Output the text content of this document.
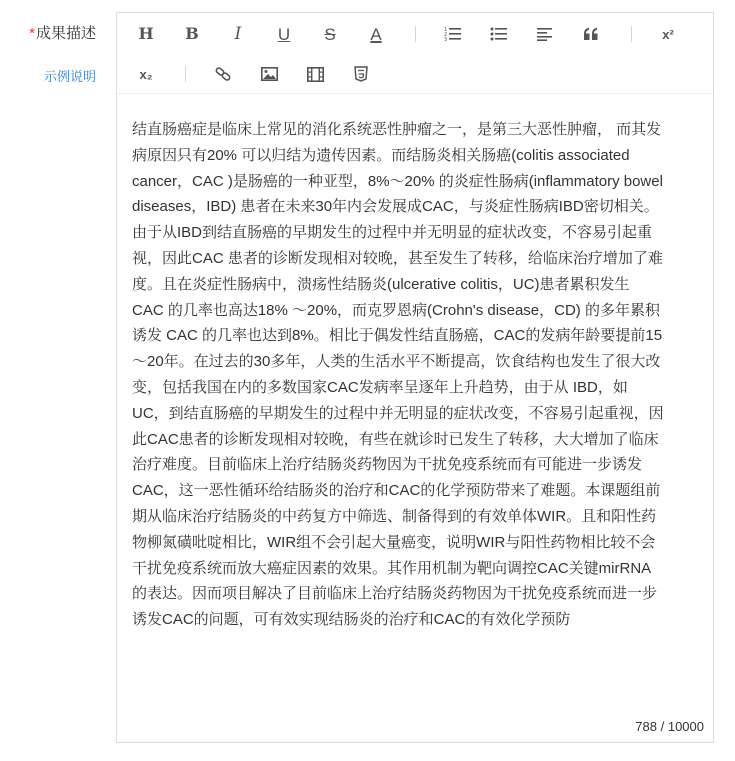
*成果描述
示例说明
H B I U S A	1
2
3	x²
x₂
结直肠癌症是临床上常见的消化系统恶性肿瘤之一，是第三大恶性肿瘤， 而其发
病原因只有20% 可以归结为遗传因素。而结肠炎相关肠癌(colitis associated
cancer，CAC )是肠癌的一种亚型，8%～20% 的炎症性肠病(inflammatory bowel
diseases，IBD) 患者在未来30年内会发展成CAC，与炎症性肠病IBD密切相关。
由于从IBD到结直肠癌的早期发生的过程中并无明显的症状改变，不容易引起重
视，因此CAC 患者的诊断发现相对较晚，甚至发生了转移，给临床治疗增加了难
度。且在炎症性肠病中，溃疡性结肠炎(ulcerative colitis，UC)患者累积发生
CAC 的几率也高达18% ～20%，而克罗恩病(Crohn's disease，CD) 的多年累积
诱发 CAC 的几率也达到8%。相比于偶发性结直肠癌，CAC的发病年龄要提前15
～20年。在过去的30多年，人类的生活水平不断提高，饮食结构也发生了很大改
变，包括我国在内的多数国家CAC发病率呈逐年上升趋势，由于从 IBD，如
UC，到结直肠癌的早期发生的过程中并无明显的症状改变，不容易引起重视，因
此CAC患者的诊断发现相对较晚，有些在就诊时已发生了转移，大大增加了临床
治疗难度。目前临床上治疗结肠炎药物因为干扰免疫系统而有可能进一步诱发
CAC，这一恶性循环给结肠炎的治疗和CAC的化学预防带来了难题。本课题组前
期从临床治疗结肠炎的中药复方中筛选、制备得到的有效单体WIR。且和阳性药
物柳氮磺吡啶相比，WIR组不会引起大量癌变，说明WIR与阳性药物相比较不会
干扰免疫系统而放大癌症因素的效果。其作用机制为靶向调控CAC关键mirRNA
的表达。因而项目解决了目前临床上治疗结肠炎药物因为干扰免疫系统而进一步
诱发CAC的问题，可有效实现结肠炎的治疗和CAC的有效化学预防
788 / 10000
